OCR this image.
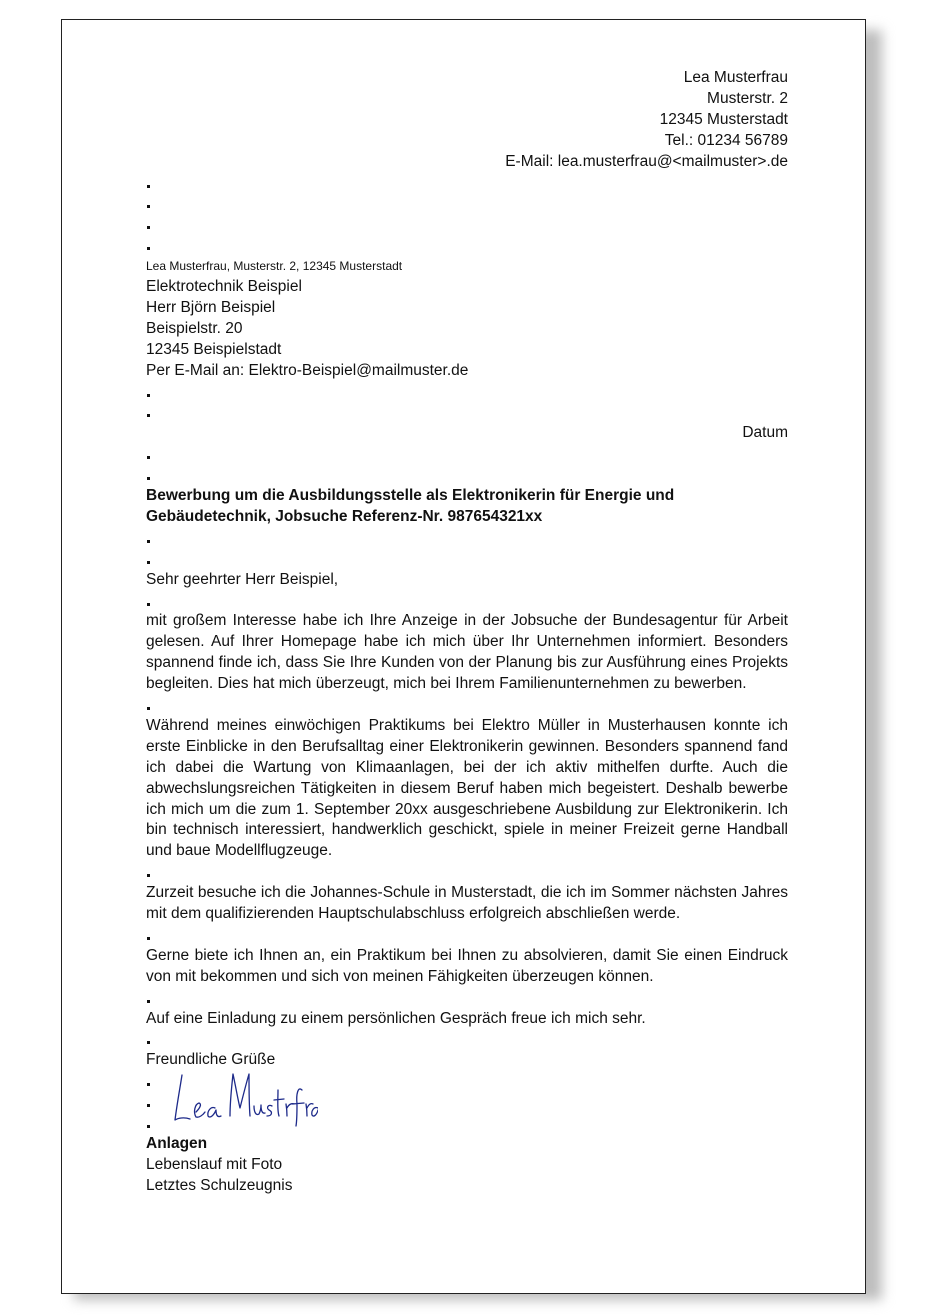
Lea Musterfrau
Musterstr. 2
12345 Musterstadt
Tel.: 01234 56789
E-Mail: lea.musterfrau@<mailmuster>.de
Lea Musterfrau, Musterstr. 2, 12345 Musterstadt
Elektrotechnik Beispiel
Herr Björn Beispiel
Beispielstr. 20
12345 Beispielstadt
Per E-Mail an: Elektro-Beispiel@mailmuster.de
Datum
Bewerbung um die Ausbildungsstelle als Elektronikerin für Energie und
Gebäudetechnik, Jobsuche Referenz-Nr. 987654321xx
Sehr geehrter Herr Beispiel,
mit großem Interesse habe ich Ihre Anzeige in der Jobsuche der Bundesagentur für Arbeit gelesen. Auf Ihrer Homepage habe ich mich über Ihr Unternehmen informiert. Besonders spannend finde ich, dass Sie Ihre Kunden von der Planung bis zur Ausführung eines Projekts begleiten. Dies hat mich überzeugt, mich bei Ihrem Familienunternehmen zu bewerben.
Während meines einwöchigen Praktikums bei Elektro Müller in Musterhausen konnte ich erste Einblicke in den Berufsalltag einer Elektronikerin gewinnen. Besonders spannend fand ich dabei die Wartung von Klimaanlagen, bei der ich aktiv mithelfen durfte. Auch die abwechslungsreichen Tätigkeiten in diesem Beruf haben mich begeistert. Deshalb bewerbe ich mich um die zum 1. September 20xx ausgeschriebene Ausbildung zur Elektronikerin. Ich bin technisch interessiert, handwerklich geschickt, spiele in meiner Freizeit gerne Handball und baue Modellflugzeuge.
Zurzeit besuche ich die Johannes-Schule in Musterstadt, die ich im Sommer nächsten Jahres mit dem qualifizierenden Hauptschulabschluss erfolgreich abschließen werde.
Gerne biete ich Ihnen an, ein Praktikum bei Ihnen zu absolvieren, damit Sie einen Eindruck von mit bekommen und sich von meinen Fähigkeiten überzeugen können.
Auf eine Einladung zu einem persönlichen Gespräch freue ich mich sehr.
Freundliche Grüße
Lea Musterfrau
Anlagen
Lebenslauf mit Foto
Letztes Schulzeugnis
